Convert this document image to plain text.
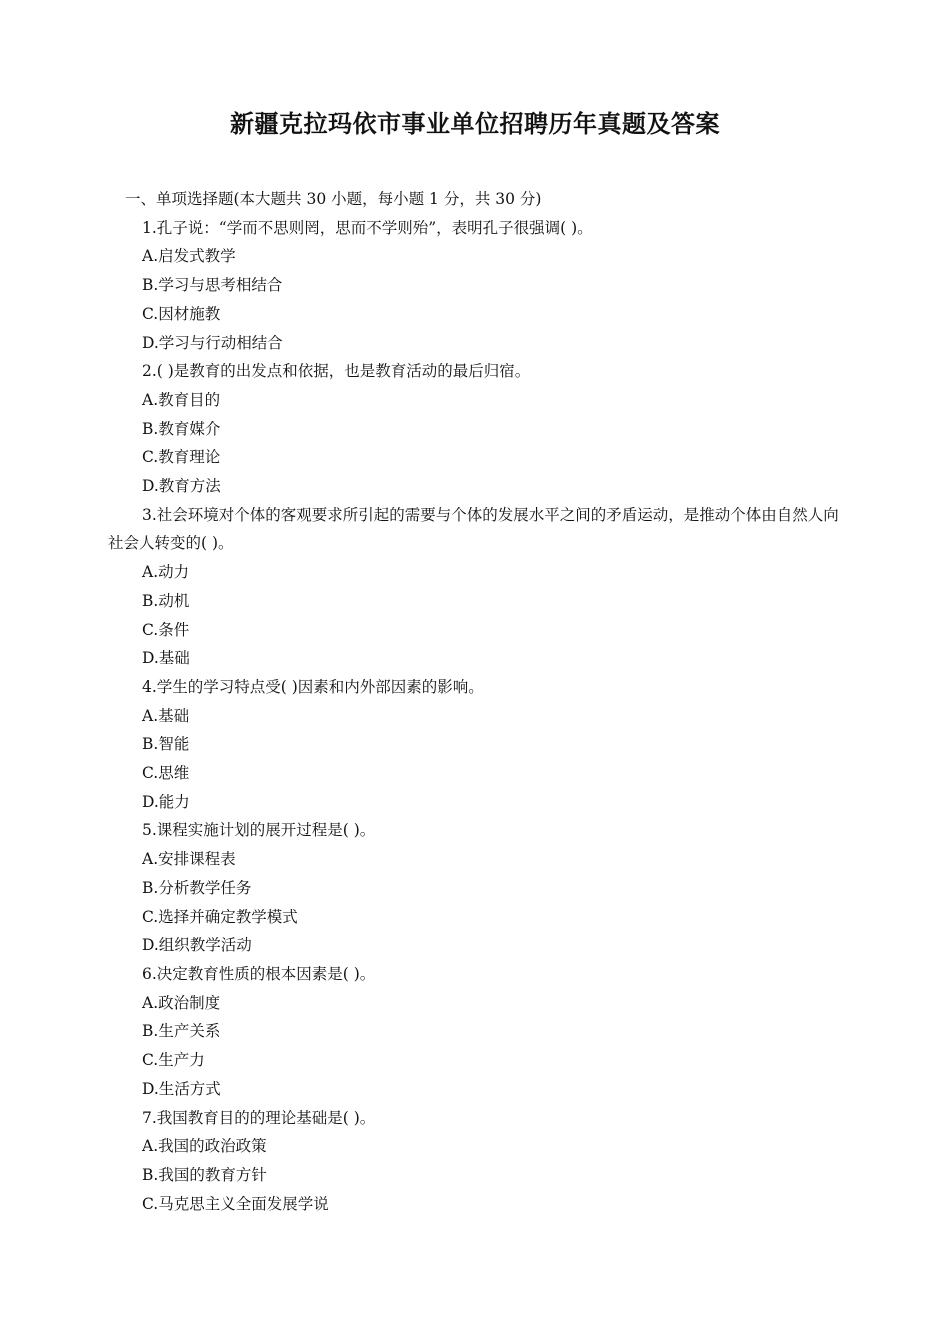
新疆克拉玛依市事业单位招聘历年真题及答案
一、单项选择题(本大题共 30 小题，每小题 1 分，共 30 分)
1.孔子说：“学而不思则罔，思而不学则殆”，表明孔子很强调( )。
A.启发式教学
B.学习与思考相结合
C.因材施教
D.学习与行动相结合
2.( )是教育的出发点和依据，也是教育活动的最后归宿。
A.教育目的
B.教育媒介
C.教育理论
D.教育方法
3.社会环境对个体的客观要求所引起的需要与个体的发展水平之间的矛盾运动，是推动个体由自然人向社会人转变的( )。
A.动力
B.动机
C.条件
D.基础
4.学生的学习特点受( )因素和内外部因素的影响。
A.基础
B.智能
C.思维
D.能力
5.课程实施计划的展开过程是( )。
A.安排课程表
B.分析教学任务
C.选择并确定教学模式
D.组织教学活动
6.决定教育性质的根本因素是( )。
A.政治制度
B.生产关系
C.生产力
D.生活方式
7.我国教育目的的理论基础是( )。
A.我国的政治政策
B.我国的教育方针
C.马克思主义全面发展学说
